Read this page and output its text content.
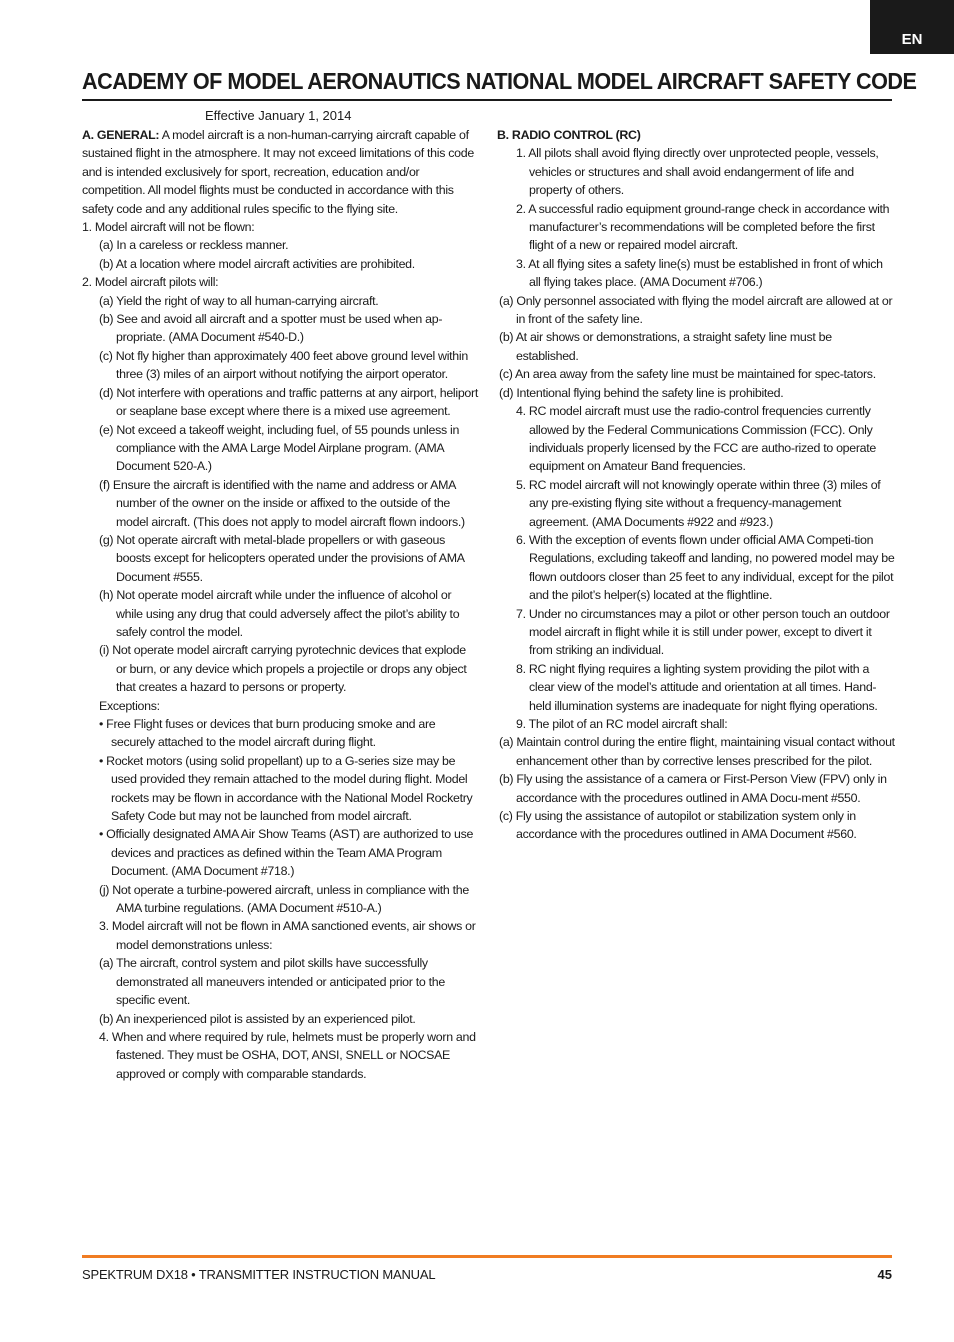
EN
ACADEMY OF MODEL AERONAUTICS NATIONAL MODEL AIRCRAFT SAFETY CODE
Effective January 1, 2014

A. GENERAL: A model aircraft is a non-human-carrying aircraft capable of sustained flight in the atmosphere. It may not exceed limitations of this code and is intended exclusively for sport, recreation, education and/or competition. All model flights must be conducted in accordance with this safety code and any additional rules specific to the flying site.

1. Model aircraft will not be flown:

(a) In a careless or reckless manner.

(b) At a location where model aircraft activities are prohibited.

2. Model aircraft pilots will:

(a) Yield the right of way to all human-carrying aircraft.

(b) See and avoid all aircraft and a spotter must be used when ap-propriate. (AMA Document #540-D.)

(c) Not fly higher than approximately 400 feet above ground level within three (3) miles of an airport without notifying the airport operator.

(d) Not interfere with operations and traffic patterns at any airport, heliport or seaplane base except where there is a mixed use agreement.

(e) Not exceed a takeoff weight, including fuel, of 55 pounds unless in compliance with the AMA Large Model Airplane program. (AMA Document 520-A.)

(f) Ensure the aircraft is identified with the name and address or AMA number of the owner on the inside or affixed to the outside of the model aircraft. (This does not apply to model aircraft flown indoors.)

(g) Not operate aircraft with metal-blade propellers or with gaseous boosts except for helicopters operated under the provisions of AMA Document #555.

(h) Not operate model aircraft while under the influence of alcohol or while using any drug that could adversely affect the pilot’s ability to safely control the model.

(i) Not operate model aircraft carrying pyrotechnic devices that explode or burn, or any device which propels a projectile or drops any object that creates a hazard to persons or property.

Exceptions:

• Free Flight fuses or devices that burn producing smoke and are securely attached to the model aircraft during flight.

• Rocket motors (using solid propellant) up to a G-series size may be used provided they remain attached to the model during flight. Model rockets may be flown in accordance with the National Model Rocketry Safety Code but may not be launched from model aircraft.

• Officially designated AMA Air Show Teams (AST) are authorized to use devices and practices as defined within the Team AMA Program Document. (AMA Document #718.)

(j) Not operate a turbine-powered aircraft, unless in compliance with the AMA turbine regulations. (AMA Document #510-A.)

3. Model aircraft will not be flown in AMA sanctioned events, air shows or model demonstrations unless:

(a) The aircraft, control system and pilot skills have successfully demonstrated all maneuvers intended or anticipated prior to the specific event.

(b) An inexperienced pilot is assisted by an experienced pilot.

4. When and where required by rule, helmets must be properly worn and fastened. They must be OSHA, DOT, ANSI, SNELL or NOCSAE approved or comply with comparable standards.

B. RADIO CONTROL (RC)

1. All pilots shall avoid flying directly over unprotected people, vessels, vehicles or structures and shall avoid endangerment of life and property of others.

2. A successful radio equipment ground-range check in accordance with manufacturer’s recommendations will be completed before the first flight of a new or repaired model aircraft.

3. At all flying sites a safety line(s) must be established in front of which all flying takes place. (AMA Document #706.)

(a) Only personnel associated with flying the model aircraft are allowed at or in front of the safety line.

(b) At air shows or demonstrations, a straight safety line must be established.

(c) An area away from the safety line must be maintained for spec-tators.

(d) Intentional flying behind the safety line is prohibited.

4. RC model aircraft must use the radio-control frequencies currently allowed by the Federal Communications Commission (FCC). Only individuals properly licensed by the FCC are autho-rized to operate equipment on Amateur Band frequencies.

5. RC model aircraft will not knowingly operate within three (3) miles of any pre-existing flying site without a frequency-management agreement. (AMA Documents #922 and #923.)

6. With the exception of events flown under official AMA Competi-tion Regulations, excluding takeoff and landing, no powered model may be flown outdoors closer than 25 feet to any individual, except for the pilot and the pilot’s helper(s) located at the flightline.

7. Under no circumstances may a pilot or other person touch an outdoor model aircraft in flight while it is still under power, except to divert it from striking an individual.

8. RC night flying requires a lighting system providing the pilot with a clear view of the model’s attitude and orientation at all times. Hand-held illumination systems are inadequate for night flying operations.

9. The pilot of an RC model aircraft shall:

(a) Maintain control during the entire flight, maintaining visual contact without enhancement other than by corrective lenses prescribed for the pilot.

(b) Fly using the assistance of a camera or First-Person View (FPV) only in accordance with the procedures outlined in AMA Docu-ment #550.

(c) Fly using the assistance of autopilot or stabilization system only in accordance with the procedures outlined in AMA Document #560.

SPEKTRUM DX18 • TRANSMITTER INSTRUCTION MANUAL	45
